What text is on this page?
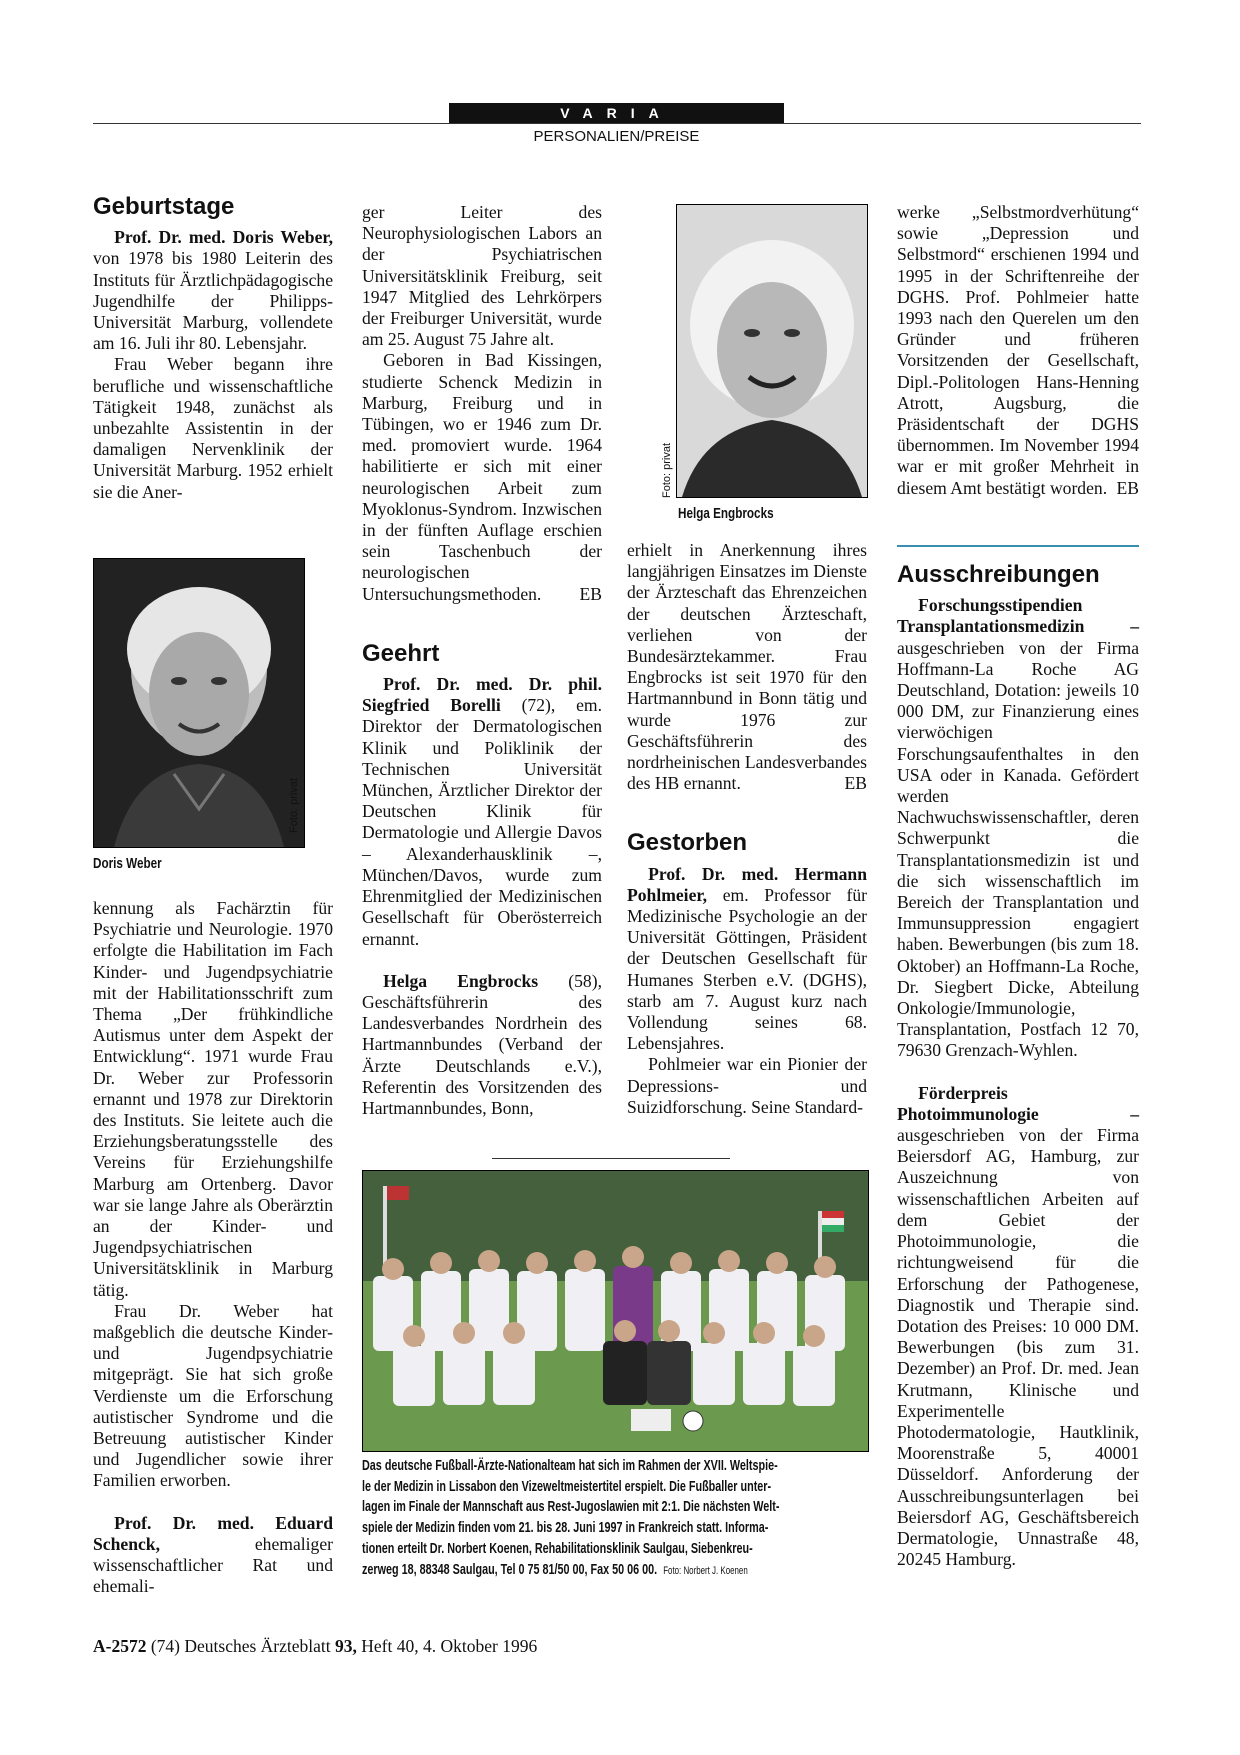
VARIA
PERSONALIEN/PREISE
Geburtstage

Prof. Dr. med. Doris Weber, von 1978 bis 1980 Leiterin des Instituts für Ärztlichpädagogische Jugendhilfe der Philipps-Universität Marburg, vollendete am 16. Juli ihr 80. Lebensjahr.

Frau Weber begann ihre berufliche und wissenschaftliche Tätigkeit 1948, zunächst als unbezahlte Assistentin in der damaligen Nervenklinik der Universität Marburg. 1952 erhielt sie die Aner-

Foto: privat
Doris Weber

kennung als Fachärztin für Psychiatrie und Neurologie. 1970 erfolgte die Habilitation im Fach Kinder- und Jugendpsychiatrie mit der Habilitationsschrift zum Thema „Der frühkindliche Autismus unter dem Aspekt der Entwicklung“. 1971 wurde Frau Dr. Weber zur Professorin ernannt und 1978 zur Direktorin des Instituts. Sie leitete auch die Erziehungsberatungsstelle des Vereins für Erziehungshilfe Marburg am Ortenberg. Davor war sie lange Jahre als Oberärztin an der Kinder- und Jugendpsychiatrischen Universitätsklinik in Marburg tätig.

Frau Dr. Weber hat maßgeblich die deutsche Kinder- und Jugendpsychiatrie mitgeprägt. Sie hat sich große Verdienste um die Erforschung autistischer Syndrome und die Betreuung autistischer Kinder und Jugendlicher sowie ihrer Familien erworben.

Prof. Dr. med. Eduard Schenck,	ehemaliger wissenschaftlicher Rat und ehemali-

ger Leiter des Neurophysiologischen Labors an der Psychiatrischen Universitätsklinik Freiburg, seit 1947 Mitglied des Lehrkörpers der Freiburger Universität, wurde am 25. August 75 Jahre alt.

Geboren in Bad Kissingen, studierte Schenck Medizin in Marburg, Freiburg und in Tübingen, wo er 1946 zum Dr. med. promoviert wurde. 1964 habilitierte er sich mit einer neurologischen Arbeit zum Myoklonus-Syndrom. Inzwischen in der fünften Auflage erschien sein Taschenbuch der neurologischen Untersuchungsmethoden.	EB

Geehrt

Prof. Dr. med. Dr. phil. Siegfried Borelli (72), em. Direktor der Dermatologischen Klinik und Poliklinik der Technischen Universität München, Ärztlicher Direktor der Deutschen Klinik für Dermatologie und Allergie Davos – Alexanderhausklinik –, München/Davos, wurde zum Ehrenmitglied der Medizinischen Gesellschaft für Oberösterreich ernannt.

Helga Engbrocks (58), Geschäftsführerin des Landesverbandes Nordrhein des Hartmannbundes (Verband der Ärzte Deutschlands e.V.), Referentin des Vorsitzenden des Hartmannbundes, Bonn,

Foto: privat
Helga Engbrocks

erhielt in Anerkennung ihres langjährigen Einsatzes im Dienste der Ärzteschaft das Ehrenzeichen der deutschen Ärzteschaft, verliehen von der Bundesärztekammer. Frau Engbrocks ist seit 1970 für den Hartmannbund in Bonn tätig und wurde 1976 zur Geschäftsführerin des nordrheinischen Landesverbandes des HB ernannt.	EB

Gestorben

Prof. Dr. med. Hermann Pohlmeier, em. Professor für Medizinische Psychologie an der Universität Göttingen, Präsident der Deutschen Gesellschaft für Humanes Sterben e.V. (DGHS), starb am 7. August kurz nach Vollendung seines 68. Lebensjahres.

Pohlmeier war ein Pionier der Depressions- und Suizidforschung. Seine Standard-

Das deutsche Fußball-Ärzte-Nationalteam hat sich im Rahmen der XVII. Weltspie-
le der Medizin in Lissabon den Vizeweltmeistertitel erspielt. Die Fußballer unter-
lagen im Finale der Mannschaft aus Rest-Jugoslawien mit 2:1. Die nächsten Welt-
spiele der Medizin finden vom 21. bis 28. Juni 1997 in Frankreich statt. Informa-
tionen erteilt Dr. Norbert Koenen, Rehabilitationsklinik Saulgau, Siebenkreu-
zerweg 18, 88348 Saulgau, Tel 0 75 81/50 00, Fax 50 06 00. Foto: Norbert J. Koenen

werke „Selbstmordverhütung“ sowie „Depression und Selbstmord“ erschienen 1994 und 1995 in der Schriftenreihe der DGHS. Prof. Pohlmeier hatte 1993 nach den Querelen um den Gründer und früheren Vorsitzenden der Gesellschaft, Dipl.-Politologen Hans-Henning Atrott, Augsburg, die Präsidentschaft der DGHS übernommen. Im November 1994 war er mit großer Mehrheit in diesem Amt bestätigt worden. EB

Ausschreibungen

Forschungsstipendien Transplantationsmedizin – ausgeschrieben von der Firma Hoffmann-La Roche AG Deutschland, Dotation: jeweils 10 000 DM, zur Finanzierung eines vierwöchigen Forschungsaufenthaltes in den USA oder in Kanada. Gefördert werden Nachwuchswissenschaftler, deren Schwerpunkt die Transplantationsmedizin ist und die sich wissenschaftlich im Bereich der Transplantation und Immunsuppression engagiert haben. Bewerbungen (bis zum 18. Oktober) an Hoffmann-La Roche, Dr. Siegbert Dicke, Abteilung Onkologie/Immunologie, Transplantation, Postfach 12 70, 79630 Grenzach-Wyhlen.

Förderpreis Photoimmunologie – ausgeschrieben von der Firma Beiersdorf AG, Hamburg, zur Auszeichnung von wissenschaftlichen Arbeiten auf dem Gebiet der Photoimmunologie, die richtungweisend für die Erforschung der Pathogenese, Diagnostik und Therapie sind. Dotation des Preises: 10 000 DM. Bewerbungen (bis zum 31. Dezember) an Prof. Dr. med. Jean Krutmann, Klinische und Experimentelle Photodermatologie, Hautklinik, Moorenstraße 5, 40001 Düsseldorf. Anforderung der Ausschreibungsunterlagen bei Beiersdorf AG, Geschäftsbereich Dermatologie, Unnastraße 48, 20245 Hamburg.

A-2572 (74) Deutsches Ärzteblatt 93, Heft 40, 4. Oktober 1996
